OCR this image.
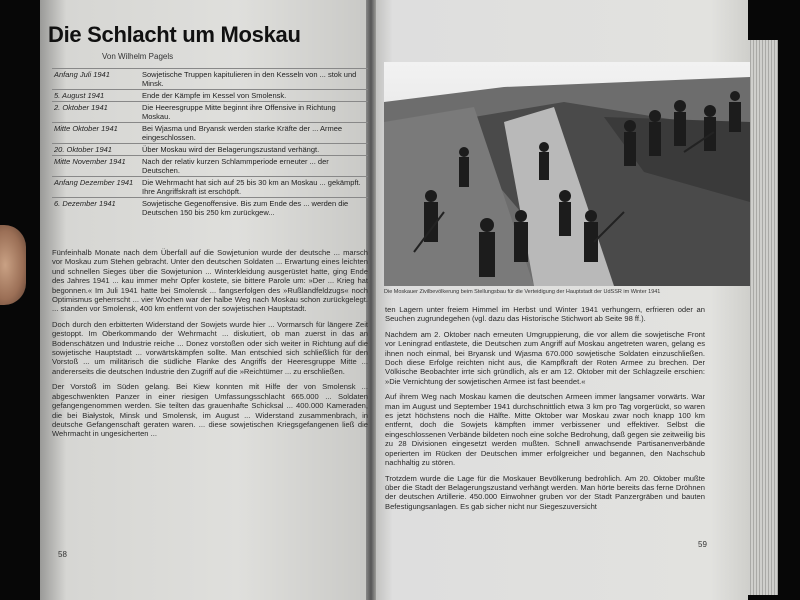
Die Schlacht um Moskau
Von Wilhelm Pagels
Anfang Juli 1941	Sowjetische Truppen kapitulieren in den Kesseln von ... stok und Minsk.
5. August 1941	Ende der Kämpfe im Kessel von Smolensk.
2. Oktober 1941	Die Heeresgruppe Mitte beginnt ihre Offensive in Richtung Moskau.
Mitte Oktober 1941	Bei Wjasma und Bryansk werden starke Kräfte der ... Armee eingeschlossen.
20. Oktober 1941	Über Moskau wird der Belagerungszustand verhängt.
Mitte November 1941	Nach der relativ kurzen Schlammperiode erneuter ... der Deutschen.
Anfang Dezember 1941	Die Wehrmacht hat sich auf 25 bis 30 km an Moskau ... gekämpft. Ihre Angriffskraft ist erschöpft.
6. Dezember 1941	Sowjetische Gegenoffensive. Bis zum Ende des ... werden die Deutschen 150 bis 250 km zurückgew...

Fünfeinhalb Monate nach dem Überfall auf die Sowjetunion wurde der deutsche ... marsch vor Moskau zum Stehen gebracht. Unter den deutschen Soldaten ... Erwartung eines leichten und schnellen Sieges über die Sowjetunion ... Winterkleidung ausgerüstet hatte, ging Ende des Jahres 1941 ... kau immer mehr Opfer kostete, sie bittere Parole um: »Der ... Krieg hat begonnen.« Im Juli 1941 hatte bei Smolensk ... fangserfolgen des »Rußlandfeldzugs« noch Optimismus geherrscht ... vier Wochen war der halbe Weg nach Moskau schon zurückgelegt. ... standen vor Smolensk, 400 km entfernt von der sowjetischen Hauptstadt.

Doch durch den erbitterten Widerstand der Sowjets wurde hier ... Vormarsch für längere Zeit gestoppt. Im Oberkommando der Wehrmacht ... diskutiert, ob man zuerst in das an Bodenschätzen und Industrie reiche ... Donez vorstoßen oder sich weiter in Richtung auf die sowjetische Hauptstadt ... vorwärtskämpfen sollte. Man entschied sich schließlich für den Vorstoß ... um militärisch die südliche Flanke des Angriffs der Heeresgruppe Mitte ... andererseits die deutschen Industrie den Zugriff auf die »Reichtümer ... zu erschließen.

Der Vorstoß im Süden gelang. Bei Kiew konnten mit Hilfe der von Smolensk ... abgeschwenkten Panzer in einer riesigen Umfassungsschlacht 665.000 ... Soldaten gefangengenommen werden. Sie teilten das grauenhafte Schicksal ... 400.000 Kameraden, die bei Białystok, Minsk und Smolensk, im August ... Widerstand zusammenbrach, in deutsche Gefangenschaft geraten waren. ... diese sowjetischen Kriegsgefangenen ließ die Wehrmacht in ungesicherten ...

58
Die Moskauer Zivilbevölkerung beim Stellungsbau für die Verteidigung der Hauptstadt der UdSSR im Winter 1941

ten Lagern unter freiem Himmel im Herbst und Winter 1941 verhungern, erfrieren oder an Seuchen zugrundegehen (vgl. dazu das Historische Stichwort ab Seite 98 ff.).

Nachdem am 2. Oktober nach erneuten Umgruppierung, die vor allem die sowjetische Front vor Leningrad entlastete, die Deutschen zum Angriff auf Moskau angetreten waren, gelang es ihnen noch einmal, bei Bryansk und Wjasma 670.000 sowjetische Soldaten einzuschließen. Doch diese Erfolge reichten nicht aus, die Kampfkraft der Roten Armee zu brechen. Der Völkische Beobachter irrte sich gründlich, als er am 12. Oktober mit der Schlagzeile erschien: »Die Vernichtung der sowjetischen Armee ist fast beendet.«

Auf ihrem Weg nach Moskau kamen die deutschen Armeen immer langsamer vorwärts. War man im August und September 1941 durchschnittlich etwa 3 km pro Tag vorgerückt, so waren es jetzt höchstens noch die Hälfte. Mitte Oktober war Moskau zwar noch knapp 100 km entfernt, doch die Sowjets kämpften immer verbissener und effektiver. Selbst die eingeschlossenen Verbände bildeten noch eine solche Bedrohung, daß gegen sie zeitweilig bis zu 28 Divisionen eingesetzt werden mußten. Schnell anwachsende Partisanenverbände operierten im Rücken der Deutschen immer erfolgreicher und begannen, den Nachschub nachhaltig zu stören.

Trotzdem wurde die Lage für die Moskauer Bevölkerung bedrohlich. Am 20. Oktober mußte über die Stadt der Belagerungszustand verhängt werden. Man hörte bereits das ferne Dröhnen der deutschen Artillerie. 450.000 Einwohner gruben vor der Stadt Panzergräben und bauten Befestigungsanlagen. Es gab sicher nicht nur Siegeszuversicht

59
